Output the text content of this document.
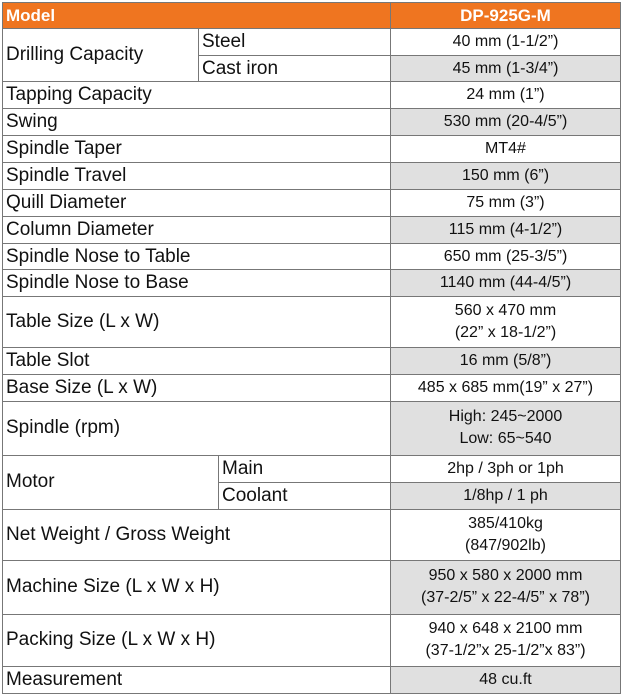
Model			DP-925G-M
Drilling Capacity	Steel		40 mm (1-1/2”)
	Cast iron		45 mm (1-3/4”)
Tapping Capacity			24 mm (1”)
Swing			530 mm (20-4/5”)
Spindle Taper			MT4#
Spindle Travel			150 mm (6”)
Quill Diameter			75 mm (3”)
Column Diameter			115 mm (4-1/2”)
Spindle Nose to Table			650 mm (25-3/5”)
Spindle Nose to Base			1140 mm (44-4/5”)
Table Size (L x W)			560 x 470 mm
(22” x 18-1/2”)

Table Slot			16 mm (5/8”)
Base Size (L x W)			485 x 685 mm(19” x 27”)
Spindle (rpm)			High: 245~2000
Low: 65~540

Motor		Main	2hp / 3ph or 1ph
		Coolant	1/8hp / 1 ph
Net Weight / Gross Weight			385/410kg
(847/902lb)

Machine Size (L x W x H)			950 x 580 x 2000 mm
(37-2/5” x 22-4/5” x 78”)

Packing Size (L x W x H)			940 x 648 x 2100 mm
(37-1/2”x 25-1/2”x 83”)

Measurement			48 cu.ft
